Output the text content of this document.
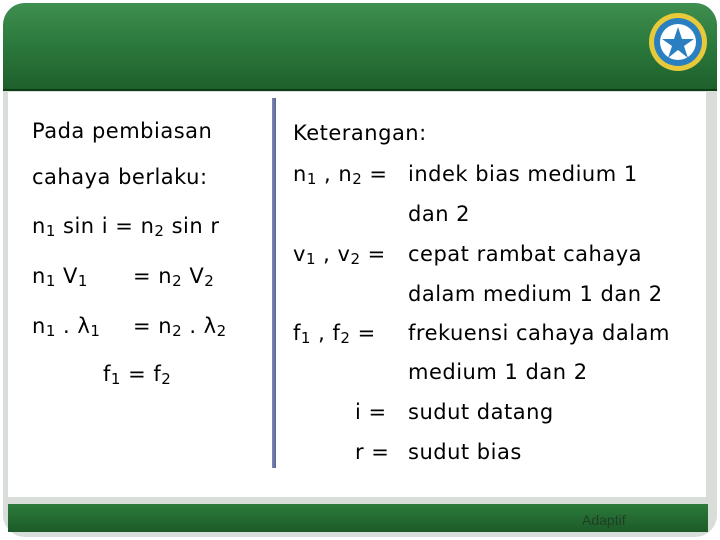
Pada pembiasan
cahaya berlaku:
$n_1$ $\sin i = n_2$ sin r
$n_1$ $V_1 = n_2$ $V_2$
$n_1$ . $\lambda_1 = n_2$ . $\lambda_2$
$f_1 = f_2$
Keterangan:
$n_1$ , $n_2$ = indek bias medium 1
dan 2
$v_1$ , $v_2$ = cepat rambat cahaya
dalam medium 1 dan 2
$f_1$ , $f_2$ = frekuensi cahaya dalam
medium 1 dan 2
i = sudut datang
r = sudut bias
Adaptif
